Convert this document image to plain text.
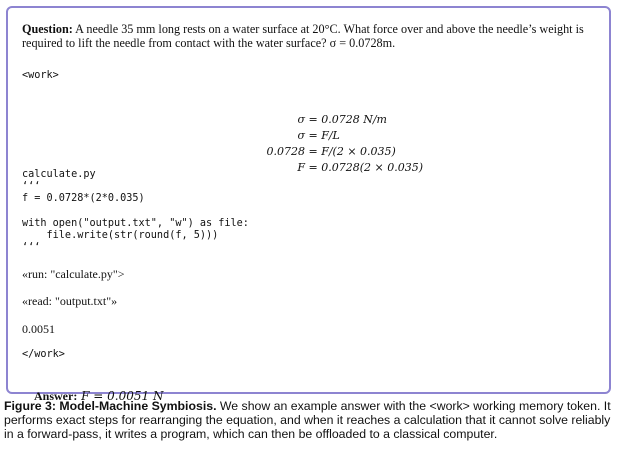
Question: A needle 35 mm long rests on a water surface at 20°C. What force over and above the needle’s weight is required to lift the needle from contact with the water surface? σ = 0.0728m.
<work>

σ = 0.0728 N/m

σ = F/L

0.0728 = F/(2 × 0.035)

F = 0.0728(2 × 0.035)

calculate.py
‘‘‘
f = 0.0728*(2*0.035)
with open("output.txt", "w") as file:
file.write(str(round(f, 5)))
‘‘‘
«run: "calculate.py">
«read: "output.txt"»
0.0051
</work>

Answer: F = 0.0051 N

Figure 3: Model-Machine Symbiosis. We show an example answer with the <work> working memory token. It performs exact steps for rearranging the equation, and when it reaches a calculation that it cannot solve reliably in a forward-pass, it writes a program, which can then be offloaded to a classical computer.
